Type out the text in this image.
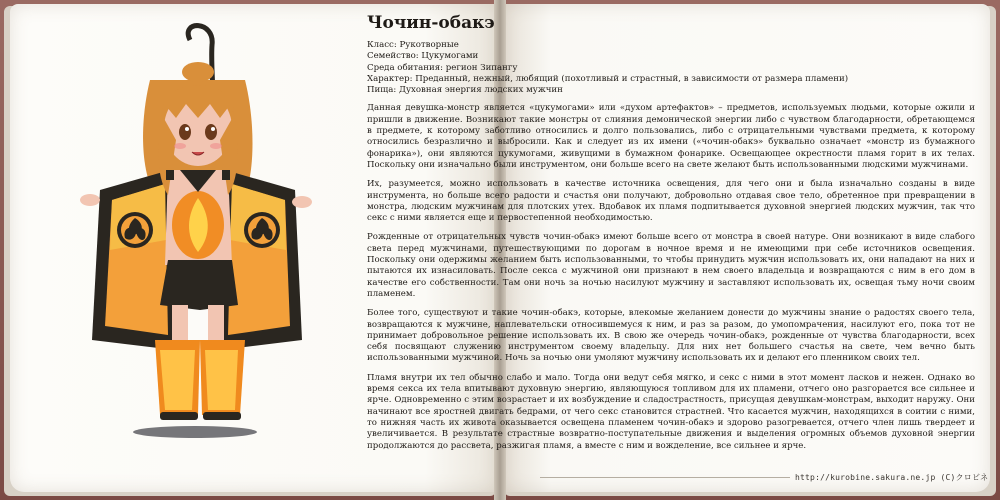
Чочин-обакэ
Класс: Рукотворные
Семейство: Цукумогами
Среда обитания: регион Зипангу
Характер: Преданный, нежный, любящий (похотливый и страстный, в зависимости от размера пламени)
Пища: Духовная энергия людских мужчин

Данная девушка-монстр является «цукумогами» или «духом артефактов» – предметов, используемых людьми, которые ожили и пришли в движение. Возникают такие монстры от слияния демонической энергии либо с чувством благодарности, обретающемся в предмете, к которому заботливо относились и долго пользовались, либо с отрицательными чувствами предмета, к которому относились безразлично и выбросили. Как и следует из их имени («чочин-обакэ» буквально означает «монстр из бумажного фонарика»), они являются цукумогами, живущими в бумажном фонарике. Освещающее окрестности пламя горит в их телах. Поскольку они изначально были инструментом, они больше всего на свете желают быть использованными людскими мужчинами.

Их, разумеется, можно использовать в качестве источника освещения, для чего они и была изначально созданы в виде инструмента, но больше всего радости и счастья они получают, добровольно отдавая свое тело, обретенное при превращении в монстра, людским мужчинам для плотских утех. Вдобавок их пламя подпитывается духовной энергией людских мужчин, так что секс с ними является еще и первостепенной необходимостью.

Рожденные от отрицательных чувств чочин-обакэ имеют больше всего от монстра в своей натуре. Они возникают в виде слабого света перед мужчинами, путешествующими по дорогам в ночное время и не имеющими при себе источников освещения. Поскольку они одержимы желанием быть использованными, то чтобы принудить мужчин использовать их, они нападают на них и пытаются их изнасиловать. После секса с мужчиной они признают в нем своего владельца и возвращаются с ним в его дом в качестве его собственности. Там они ночь за ночью насилуют мужчину и заставляют использовать их, освещая тьму ночи своим пламенем.

Более того, существуют и такие чочин-обакэ, которые, влекомые желанием донести до мужчины знание о радостях своего тела, возвращаются к мужчине, наплевательски относившемуся к ним, и раз за разом, до умопомрачения, насилуют его, пока тот не принимает добровольное решение использовать их. В свою же очередь чочин-обакэ, рожденные от чувства благодарности, всех себя посвящают служению инструментом своему владельцу. Для них нет большего счастья на свете, чем вечно быть использованными мужчиной. Ночь за ночью они умоляют мужчину использовать их и делают его пленником своих тел.

Пламя внутри их тел обычно слабо и мало. Тогда они ведут себя мягко, и секс с ними в этот момент ласков и нежен. Однако во время секса их тела впитывают духовную энергию, являющуюся топливом для их пламени, отчего оно разгорается все сильнее и ярче. Одновременно с этим возрастает и их возбуждение и сладострастность, присущая девушкам-монстрам, выходит наружу. Они начинают все яростней двигать бедрами, от чего секс становится страстней. Что касается мужчин, находящихся в соитии с ними, то нижняя часть их живота оказывается освещена пламенем чочин-обакэ и здорово разогревается, отчего член лишь твердеет и увеличивается. В результате страстные возвратно-поступательные движения и выделения огромных объемов духовной энергии продолжаются до рассвета, разжигая пламя, а вместе с ним и вожделение, все сильнее и ярче.

http://kurobine.sakura.ne.jp (C)クロビネ
